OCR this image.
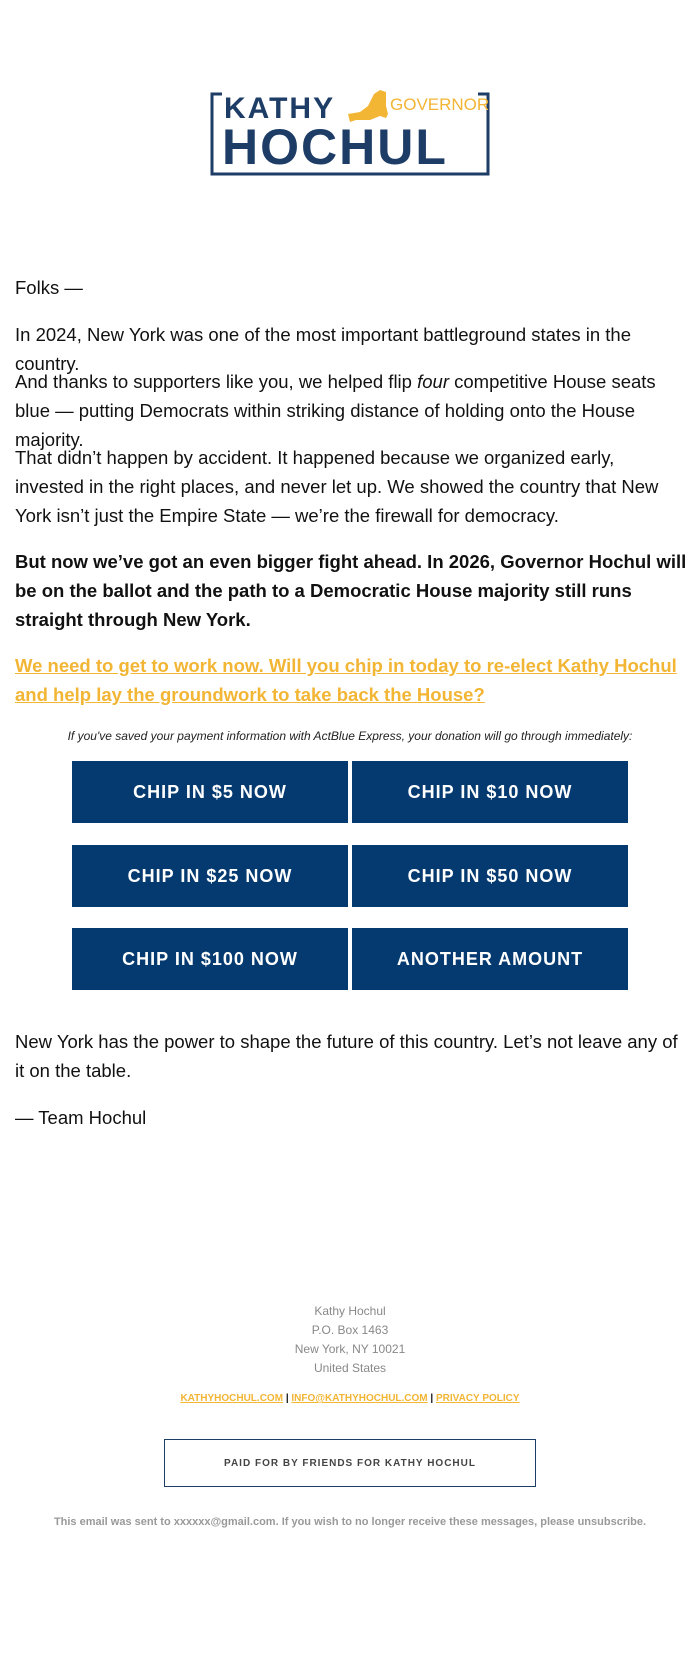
KATHY	GOVERNOR
HOCHUL

Folks —

In 2024, New York was one of the most important battleground states in the country.

And thanks to supporters like you, we helped flip four competitive House seats blue — putting Democrats within striking distance of holding onto the House majority.

That didn’t happen by accident. It happened because we organized early, invested in the right places, and never let up. We showed the country that New York isn’t just the Empire State — we’re the firewall for democracy.

But now we’ve got an even bigger fight ahead. In 2026, Governor Hochul will be on the ballot and the path to a Democratic House majority still runs straight through New York.

We need to get to work now. Will you chip in today to re-elect Kathy Hochul and help lay the groundwork to take back the House?

If you've saved your payment information with ActBlue Express, your donation will go through immediately:
CHIP IN $5 NOW	CHIP IN $10 NOW
CHIP IN $25 NOW	CHIP IN $50 NOW
CHIP IN $100 NOW	ANOTHER AMOUNT

New York has the power to shape the future of this country. Let’s not leave any of it on the table.

— Team Hochul

Kathy Hochul
P.O. Box 1463
New York, NY 10021
United States
KATHYHOCHUL.COM | INFO@KATHYHOCHUL.COM | PRIVACY POLICY
PAID FOR BY FRIENDS FOR KATHY HOCHUL
This email was sent to xxxxxx@gmail.com. If you wish to no longer receive these messages, please unsubscribe.
